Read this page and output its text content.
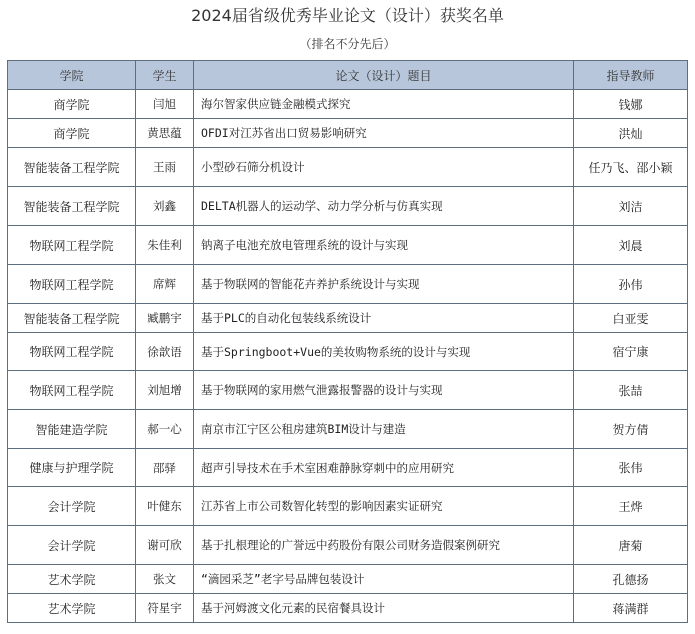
2024届省级优秀毕业论文（设计）获奖名单
（排名不分先后）
学院	学生	论文（设计）题目	指导教师
商学院	闫旭	海尔智家供应链金融模式探究	钱娜
商学院	黄思蕴	OFDI对江苏省出口贸易影响研究	洪灿
智能装备工程学院	王雨	小型砂石筛分机设计	任乃飞、邵小颖
智能装备工程学院	刘鑫	DELTA机器人的运动学、动力学分析与仿真实现	刘洁
物联网工程学院	朱佳利	钠离子电池充放电管理系统的设计与实现	刘晨
物联网工程学院	席辉	基于物联网的智能花卉养护系统设计与实现	孙伟
智能装备工程学院	臧鹏宇	基于PLC的自动化包装线系统设计	白亚雯
物联网工程学院	徐歆语	基于Springboot+Vue的美妆购物系统的设计与实现	宿宁康
物联网工程学院	刘旭增	基于物联网的家用燃气泄露报警器的设计与实现	张喆
智能建造学院	郝一心	南京市江宁区公租房建筑BIM设计与建造	贺方倩
健康与护理学院	邵驿	超声引导技术在手术室困难静脉穿刺中的应用研究	张伟
会计学院	叶健东	江苏省上市公司数智化转型的影响因素实证研究	王烨
会计学院	谢可欣	基于扎根理论的广誉远中药股份有限公司财务造假案例研究	唐菊
艺术学院	张文	“滴园采芝”老字号品牌包装设计	孔德扬
艺术学院	符星宇	基于河姆渡文化元素的民宿餐具设计	蒋满群
